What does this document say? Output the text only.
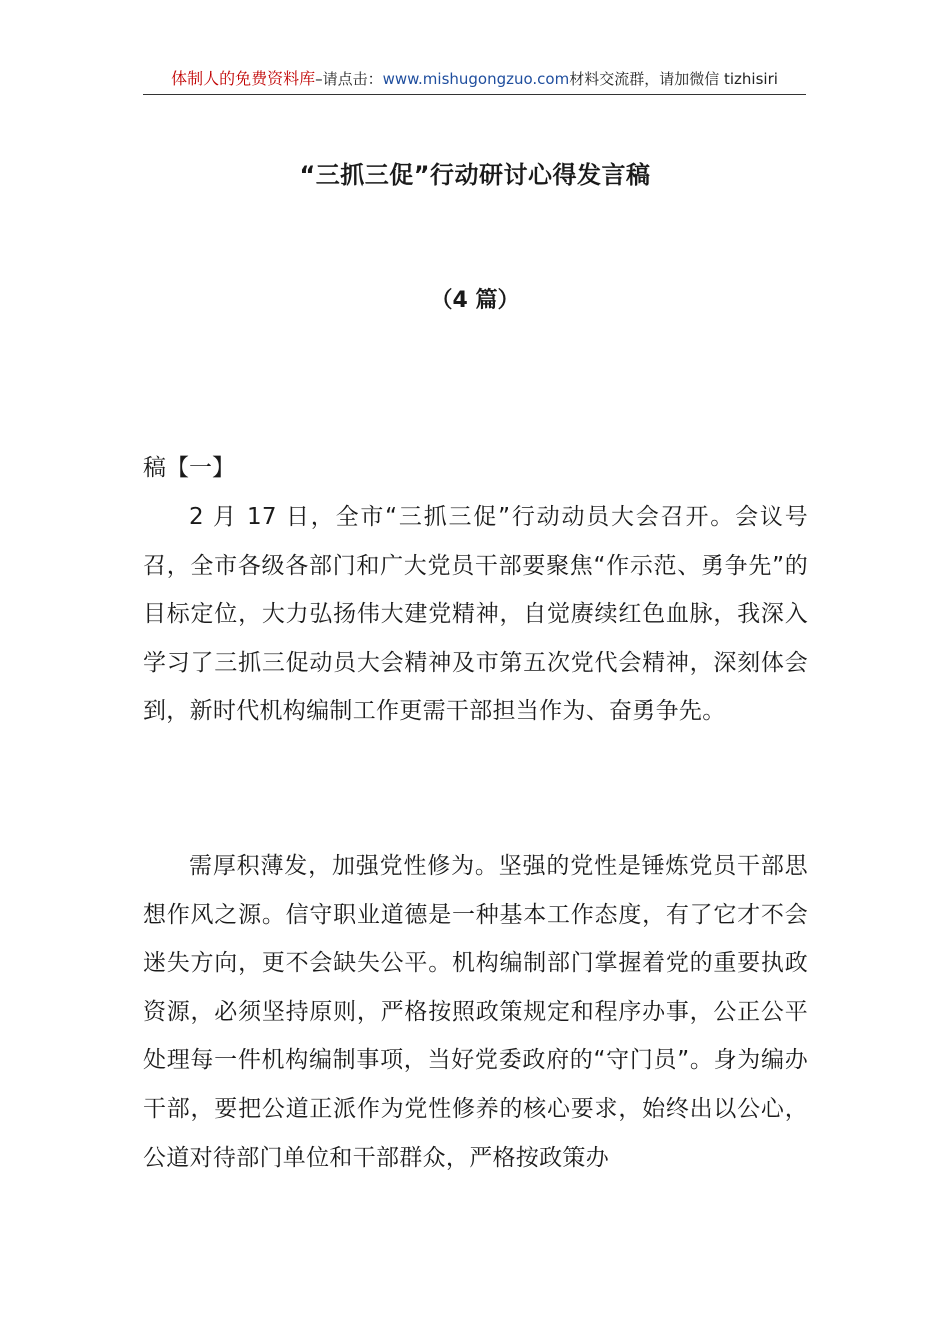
体制人的免费资料库–请点击：www.mishugongzuo.com材料交流群，请加微信 tizhisiri
“三抓三促”行动研讨心得发言稿
（4 篇）
稿【一】

2 月 17 日，全市“三抓三促”行动动员大会召开。会议号召，全市各级各部门和广大党员干部要聚焦“作示范、勇争先”的目标定位，大力弘扬伟大建党精神，自觉赓续红色血脉，我深入学习了三抓三促动员大会精神及市第五次党代会精神，深刻体会到，新时代机构编制工作更需干部担当作为、奋勇争先。

需厚积薄发，加强党性修为。坚强的党性是锤炼党员干部思想作风之源。信守职业道德是一种基本工作态度，有了它才不会迷失方向，更不会缺失公平。机构编制部门掌握着党的重要执政资源，必须坚持原则，严格按照政策规定和程序办事，公正公平处理每一件机构编制事项，当好党委政府的“守门员”。身为编办干部，要把公道正派作为党性修养的核心要求，始终出以公心，公道对待部门单位和干部群众，严格按政策办
